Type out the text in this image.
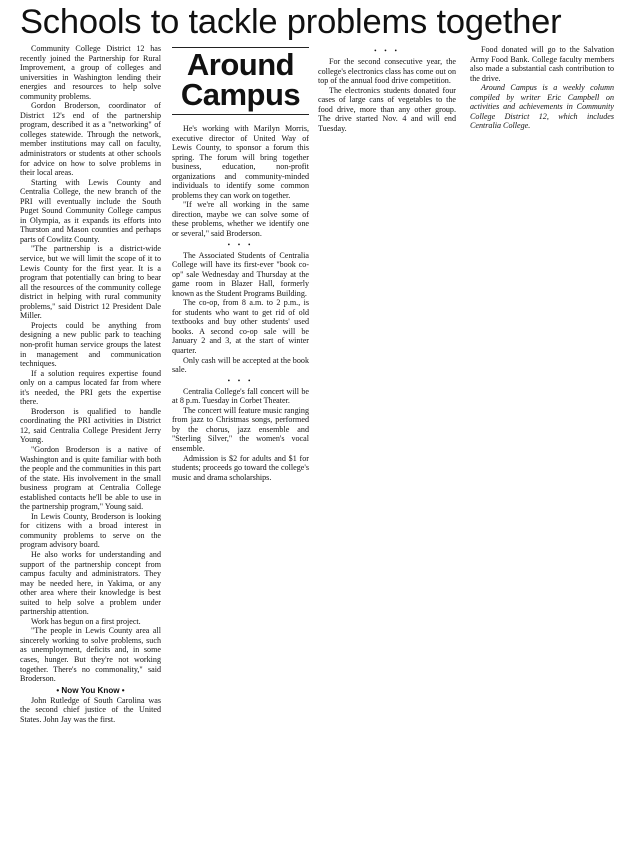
Schools to tackle problems together

Community College District 12 has recently joined the Partnership for Rural Improvement, a group of colleges and universities in Washington lending their energies and resources to help solve community problems.

Gordon Broderson, coordinator of District 12's end of the partnership program, described it as a "networking" of colleges statewide. Through the network, member institutions may call on faculty, administrators or students at other schools for advice on how to solve problems in their local areas.

Starting with Lewis County and Centralia College, the new branch of the PRI will eventually include the South Puget Sound Community College campus in Olympia, as it expands its efforts into Thurston and Mason counties and perhaps parts of Cowlitz County.

"The partnership is a district-wide service, but we will limit the scope of it to Lewis County for the first year. It is a program that potentially can bring to bear all the resources of the community college district in helping with rural community problems," said District 12 President Dale Miller.

Projects could be anything from designing a new public park to teaching non-profit human service groups the latest in management and communication techniques.

If a solution requires expertise found only on a campus located far from where it's needed, the PRI gets the expertise there.

Broderson is qualified to handle coordinating the PRI activities in District 12, said Centralia College President Jerry Young.

"Gordon Broderson is a native of Washington and is quite familiar with both the people and the communities in this part of the state. His involvement in the small business program at Centralia College established contacts he'll be able to use in the partnership program," Young said.

In Lewis County, Broderson is looking for citizens with a broad interest in community problems to serve on the program advisory board.

He also works for understanding and support of the partnership concept from campus faculty and administrators. They may be needed here, in Yakima, or any other area where their knowledge is best suited to help solve a problem under partnership attention.

Work has begun on a first project.

"The people in Lewis County area all sincerely working to solve problems, such as unemployment, deficits and, in some cases, hunger. But they're not working together. There's no commonality," said Broderson.

• Now You Know •

John Rutledge of South Carolina was the second chief justice of the United States. John Jay was the first.

Around
Campus

He's working with Marilyn Morris, executive director of United Way of Lewis County, to sponsor a forum this spring. The forum will bring together business, education, non-profit organizations and community-minded individuals to identify some common problems they can work on together.

"If we're all working in the same direction, maybe we can solve some of these problems, whether we identify one or several," said Broderson.

• • •

The Associated Students of Centralia College will have its first-ever "book co-op" sale Wednesday and Thursday at the game room in Blazer Hall, formerly known as the Student Programs Building.

The co-op, from 8 a.m. to 2 p.m., is for students who want to get rid of old textbooks and buy other students' used books. A second co-op sale will be January 2 and 3, at the start of winter quarter.

Only cash will be accepted at the book sale.

• • •

Centralia College's fall concert will be at 8 p.m. Tuesday in Corbet Theater.

The concert will feature music ranging from jazz to Christmas songs, performed by the chorus, jazz ensemble and "Sterling Silver," the women's vocal ensemble.

Admission is $2 for adults and $1 for students; proceeds go toward the college's music and drama scholarships.

• • •

For the second consecutive year, the college's electronics class has come out on top of the annual food drive competition.

The electronics students donated four cases of large cans of vegetables to the food drive, more than any other group. The drive started Nov. 4 and will end Tuesday.

Food donated will go to the Salvation Army Food Bank. College faculty members also made a substantial cash contribution to the drive.

Around Campus is a weekly column compiled by writer Eric Campbell on activities and achievements in Community College District 12, which includes Centralia College.
